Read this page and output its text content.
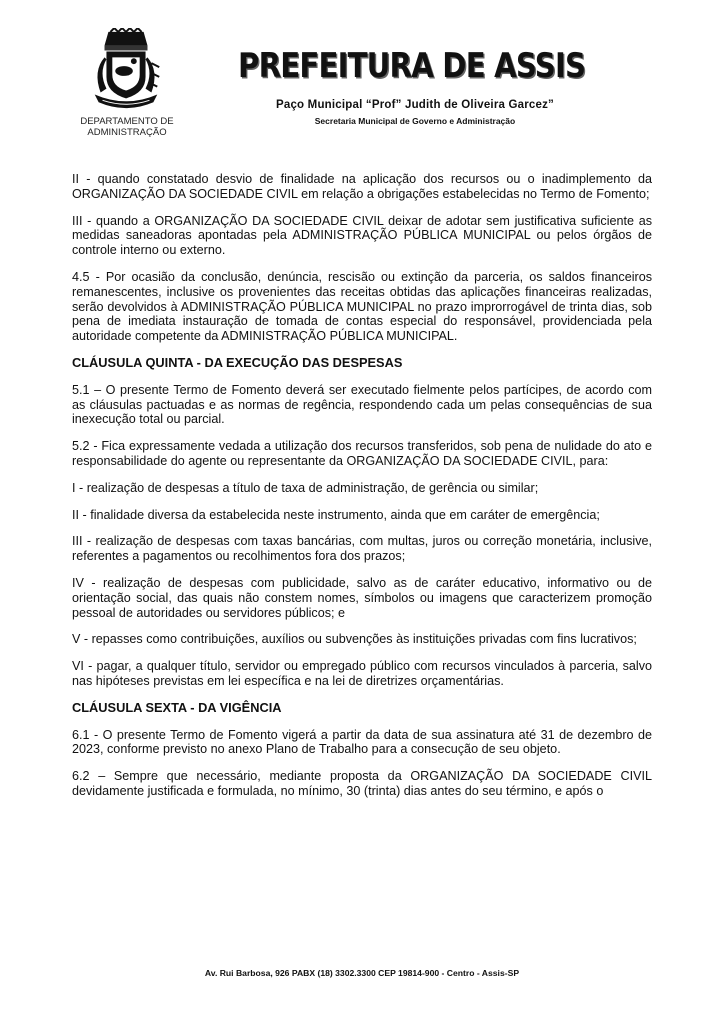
DEPARTAMENTO DE
ADMINISTRAÇÃO
PREFEITURA DE ASSIS
Paço Municipal “Prof” Judith de Oliveira Garcez”
Secretaria Municipal de Governo e Administração

II - quando constatado desvio de finalidade na aplicação dos recursos ou o inadimplemento da ORGANIZAÇÃO DA SOCIEDADE CIVIL em relação a obrigações estabelecidas no Termo de Fomento;

III - quando a ORGANIZAÇÃO DA SOCIEDADE CIVIL deixar de adotar sem justificativa suficiente as medidas saneadoras apontadas pela ADMINISTRAÇÃO PÚBLICA MUNICIPAL ou pelos órgãos de controle interno ou externo.

4.5 - Por ocasião da conclusão, denúncia, rescisão ou extinção da parceria, os saldos financeiros remanescentes, inclusive os provenientes das receitas obtidas das aplicações financeiras realizadas, serão devolvidos à ADMINISTRAÇÃO PÚBLICA MUNICIPAL no prazo improrrogável de trinta dias, sob pena de imediata instauração de tomada de contas especial do responsável, providenciada pela autoridade competente da ADMINISTRAÇÃO PÚBLICA MUNICIPAL.

CLÁUSULA QUINTA - DA EXECUÇÃO DAS DESPESAS

5.1 – O presente Termo de Fomento deverá ser executado fielmente pelos partícipes, de acordo com as cláusulas pactuadas e as normas de regência, respondendo cada um pelas consequências de sua inexecução total ou parcial.

5.2 - Fica expressamente vedada a utilização dos recursos transferidos, sob pena de nulidade do ato e responsabilidade do agente ou representante da ORGANIZAÇÃO DA SOCIEDADE CIVIL, para:

I - realização de despesas a título de taxa de administração, de gerência ou similar;

II - finalidade diversa da estabelecida neste instrumento, ainda que em caráter de emergência;

III - realização de despesas com taxas bancárias, com multas, juros ou correção monetária, inclusive, referentes a pagamentos ou recolhimentos fora dos prazos;

IV - realização de despesas com publicidade, salvo as de caráter educativo, informativo ou de orientação social, das quais não constem nomes, símbolos ou imagens que caracterizem promoção pessoal de autoridades ou servidores públicos; e

V - repasses como contribuições, auxílios ou subvenções às instituições privadas com fins lucrativos;

VI - pagar, a qualquer título, servidor ou empregado público com recursos vinculados à parceria, salvo nas hipóteses previstas em lei específica e na lei de diretrizes orçamentárias.

CLÁUSULA SEXTA - DA VIGÊNCIA

6.1 - O presente Termo de Fomento vigerá a partir da data de sua assinatura até 31 de dezembro de 2023, conforme previsto no anexo Plano de Trabalho para a consecução de seu objeto.

6.2 – Sempre que necessário, mediante proposta da ORGANIZAÇÃO DA SOCIEDADE CIVIL devidamente justificada e formulada, no mínimo, 30 (trinta) dias antes do seu término, e após o

Av. Rui Barbosa, 926 PABX (18) 3302.3300 CEP 19814-900 - Centro - Assis-SP
